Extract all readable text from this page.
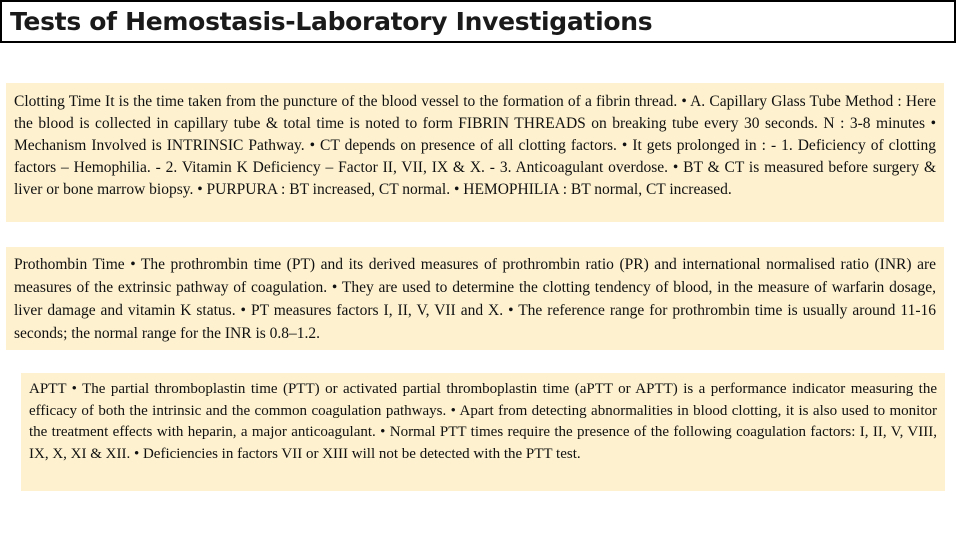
Tests of Hemostasis-Laboratory Investigations

Clotting Time It is the time taken from the puncture of the blood vessel to the formation of a fibrin thread. • A. Capillary Glass Tube Method : Here the blood is collected in capillary tube & total time is noted to form FIBRIN THREADS on breaking tube every 30 seconds. N : 3-8 minutes • Mechanism Involved is INTRINSIC Pathway. • CT depends on presence of all clotting factors. • It gets prolonged in : - 1. Deficiency of clotting factors – Hemophilia. - 2. Vitamin K Deficiency – Factor II, VII, IX & X. - 3. Anticoagulant overdose. • BT & CT is measured before surgery & liver or bone marrow biopsy. • PURPURA : BT increased, CT normal. • HEMOPHILIA : BT normal, CT increased.

Prothombin Time • The prothrombin time (PT) and its derived measures of prothrombin ratio (PR) and international normalised ratio (INR) are measures of the extrinsic pathway of coagulation. • They are used to determine the clotting tendency of blood, in the measure of warfarin dosage, liver damage and vitamin K status. • PT measures factors I, II, V, VII and X. • The reference range for prothrombin time is usually around 11-16 seconds; the normal range for the INR is 0.8–1.2.

APTT • The partial thromboplastin time (PTT) or activated partial thromboplastin time (aPTT or APTT) is a performance indicator measuring the efficacy of both the intrinsic and the common coagulation pathways. • Apart from detecting abnormalities in blood clotting, it is also used to monitor the treatment effects with heparin, a major anticoagulant. • Normal PTT times require the presence of the following coagulation factors: I, II, V, VIII, IX, X, XI & XII. • Deficiencies in factors VII or XIII will not be detected with the PTT test.
